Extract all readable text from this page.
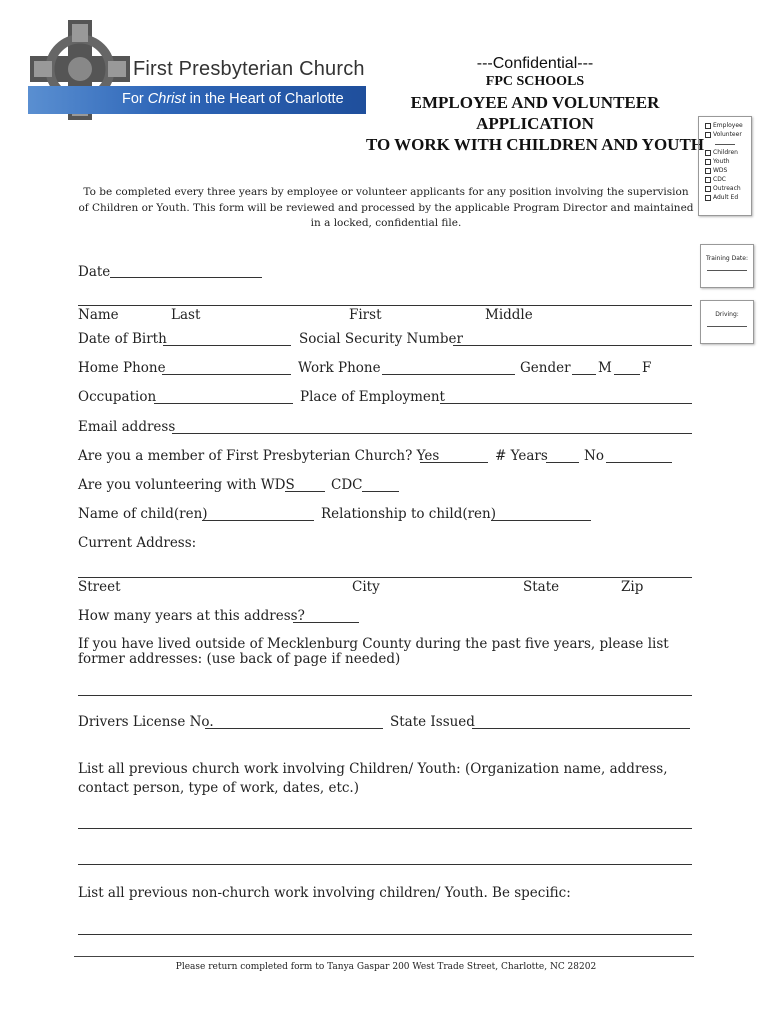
First Presbyterian Church
For Christ in the Heart of Charlotte
---Confidential---
FPC SCHOOLS
EMPLOYEE AND VOLUNTEER
APPLICATION
TO WORK WITH CHILDREN AND YOUTH
Employee
Volunteer
Children
Youth
WDS
CDC
Outreach
Adult Ed
Training Date:
Driving:
To be completed every three years by employee or volunteer applicants for any position involving the supervision of Children or Youth. This form will be reviewed and processed by the applicable Program Director and maintained in a locked, confidential file.
Date
Name	Last	First	Middle
Date of Birth	Social Security Number
Home Phone	Work Phone	Gender M F
Occupation	Place of Employment
Email address
Are you a member of First Presbyterian Church? Yes	# Years	No
Are you volunteering with WDS	CDC
Name of child(ren)	Relationship to child(ren)
Current Address:
Street	City	State	Zip
How many years at this address?
If you have lived outside of Mecklenburg County during the past five years, please list former addresses: (use back of page if needed)
Drivers License No.	State Issued
List all previous church work involving Children/ Youth: (Organization name, address, contact person, type of work, dates, etc.)
List all previous non-church work involving children/ Youth. Be specific:
Please return completed form to Tanya Gaspar 200 West Trade Street, Charlotte, NC 28202
